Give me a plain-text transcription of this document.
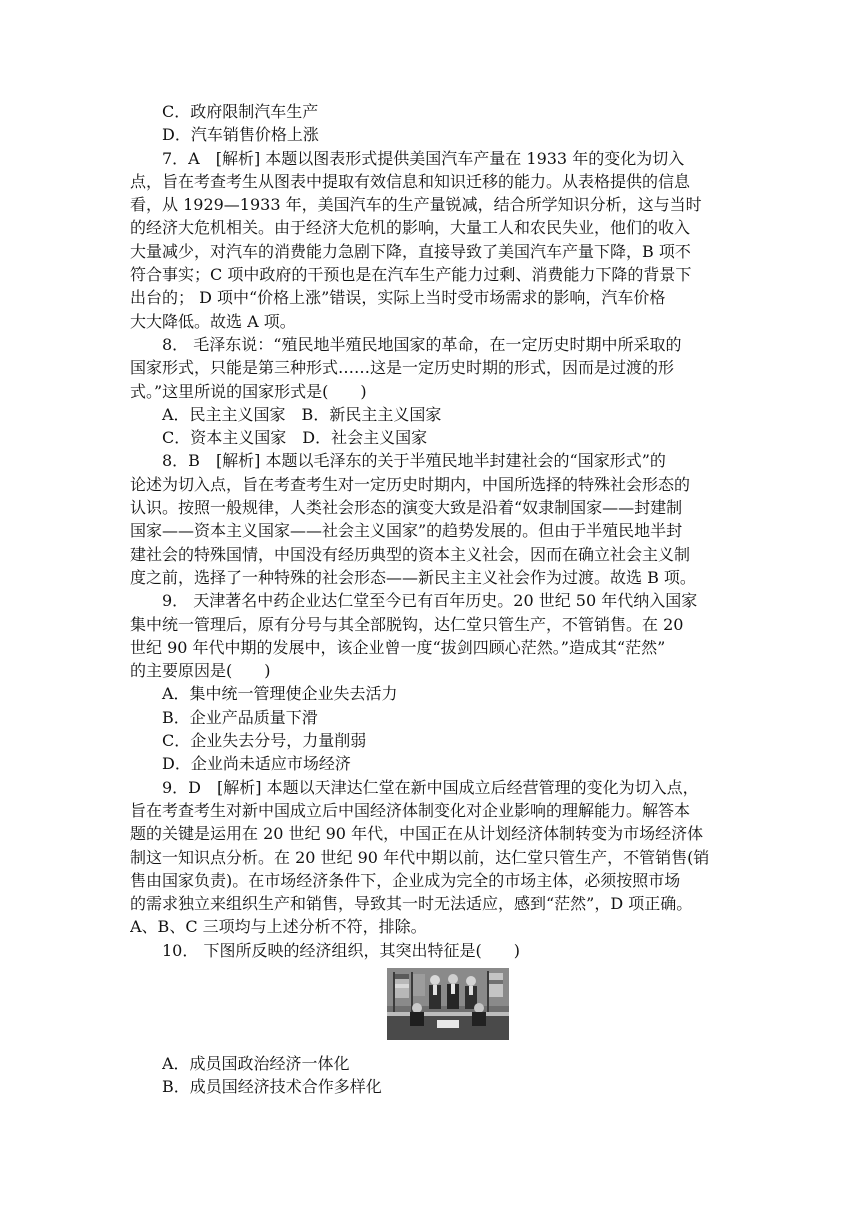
C．政府限制汽车生产
D．汽车销售价格上涨
7．A　[解析] 本题以图表形式提供美国汽车产量在 1933 年的变化为切入
点，旨在考查考生从图表中提取有效信息和知识迁移的能力。从表格提供的信息
看，从 1929—1933 年，美国汽车的生产量锐减，结合所学知识分析，这与当时
的经济大危机相关。由于经济大危机的影响，大量工人和农民失业，他们的收入
大量减少，对汽车的消费能力急剧下降，直接导致了美国汽车产量下降，B 项不
符合事实；C 项中政府的干预也是在汽车生产能力过剩、消费能力下降的背景下
出台的； D 项中“价格上涨”错误，实际上当时受市场需求的影响，汽车价格
大大降低。故选 A 项。
8． 毛泽东说：“殖民地半殖民地国家的革命，在一定历史时期中所采取的
国家形式，只能是第三种形式……这是一定历史时期的形式，因而是过渡的形
式。”这里所说的国家形式是(　　)
A．民主主义国家　B．新民主主义国家
C．资本主义国家　D．社会主义国家
8．B　[解析] 本题以毛泽东的关于半殖民地半封建社会的“国家形式”的
论述为切入点，旨在考查考生对一定历史时期内，中国所选择的特殊社会形态的
认识。按照一般规律，人类社会形态的演变大致是沿着“奴隶制国家——封建制
国家——资本主义国家——社会主义国家”的趋势发展的。但由于半殖民地半封
建社会的特殊国情，中国没有经历典型的资本主义社会，因而在确立社会主义制
度之前，选择了一种特殊的社会形态——新民主主义社会作为过渡。故选 B 项。
9． 天津著名中药企业达仁堂至今已有百年历史。20 世纪 50 年代纳入国家
集中统一管理后，原有分号与其全部脱钩，达仁堂只管生产，不管销售。在 20
世纪 90 年代中期的发展中，该企业曾一度“拔剑四顾心茫然。”造成其“茫然”
的主要原因是(　　)
A．集中统一管理使企业失去活力
B．企业产品质量下滑
C．企业失去分号，力量削弱
D．企业尚未适应市场经济
9．D　[解析] 本题以天津达仁堂在新中国成立后经营管理的变化为切入点，
旨在考查考生对新中国成立后中国经济体制变化对企业影响的理解能力。解答本
题的关键是运用在 20 世纪 90 年代，中国正在从计划经济体制转变为市场经济体
制这一知识点分析。在 20 世纪 90 年代中期以前，达仁堂只管生产，不管销售(销
售由国家负责)。在市场经济条件下，企业成为完全的市场主体，必须按照市场
的需求独立来组织生产和销售，导致其一时无法适应，感到“茫然”，D 项正确。
A、B、C 三项均与上述分析不符，排除。
10． 下图所反映的经济组织，其突出特征是(　　)
A．成员国政治经济一体化
B．成员国经济技术合作多样化
